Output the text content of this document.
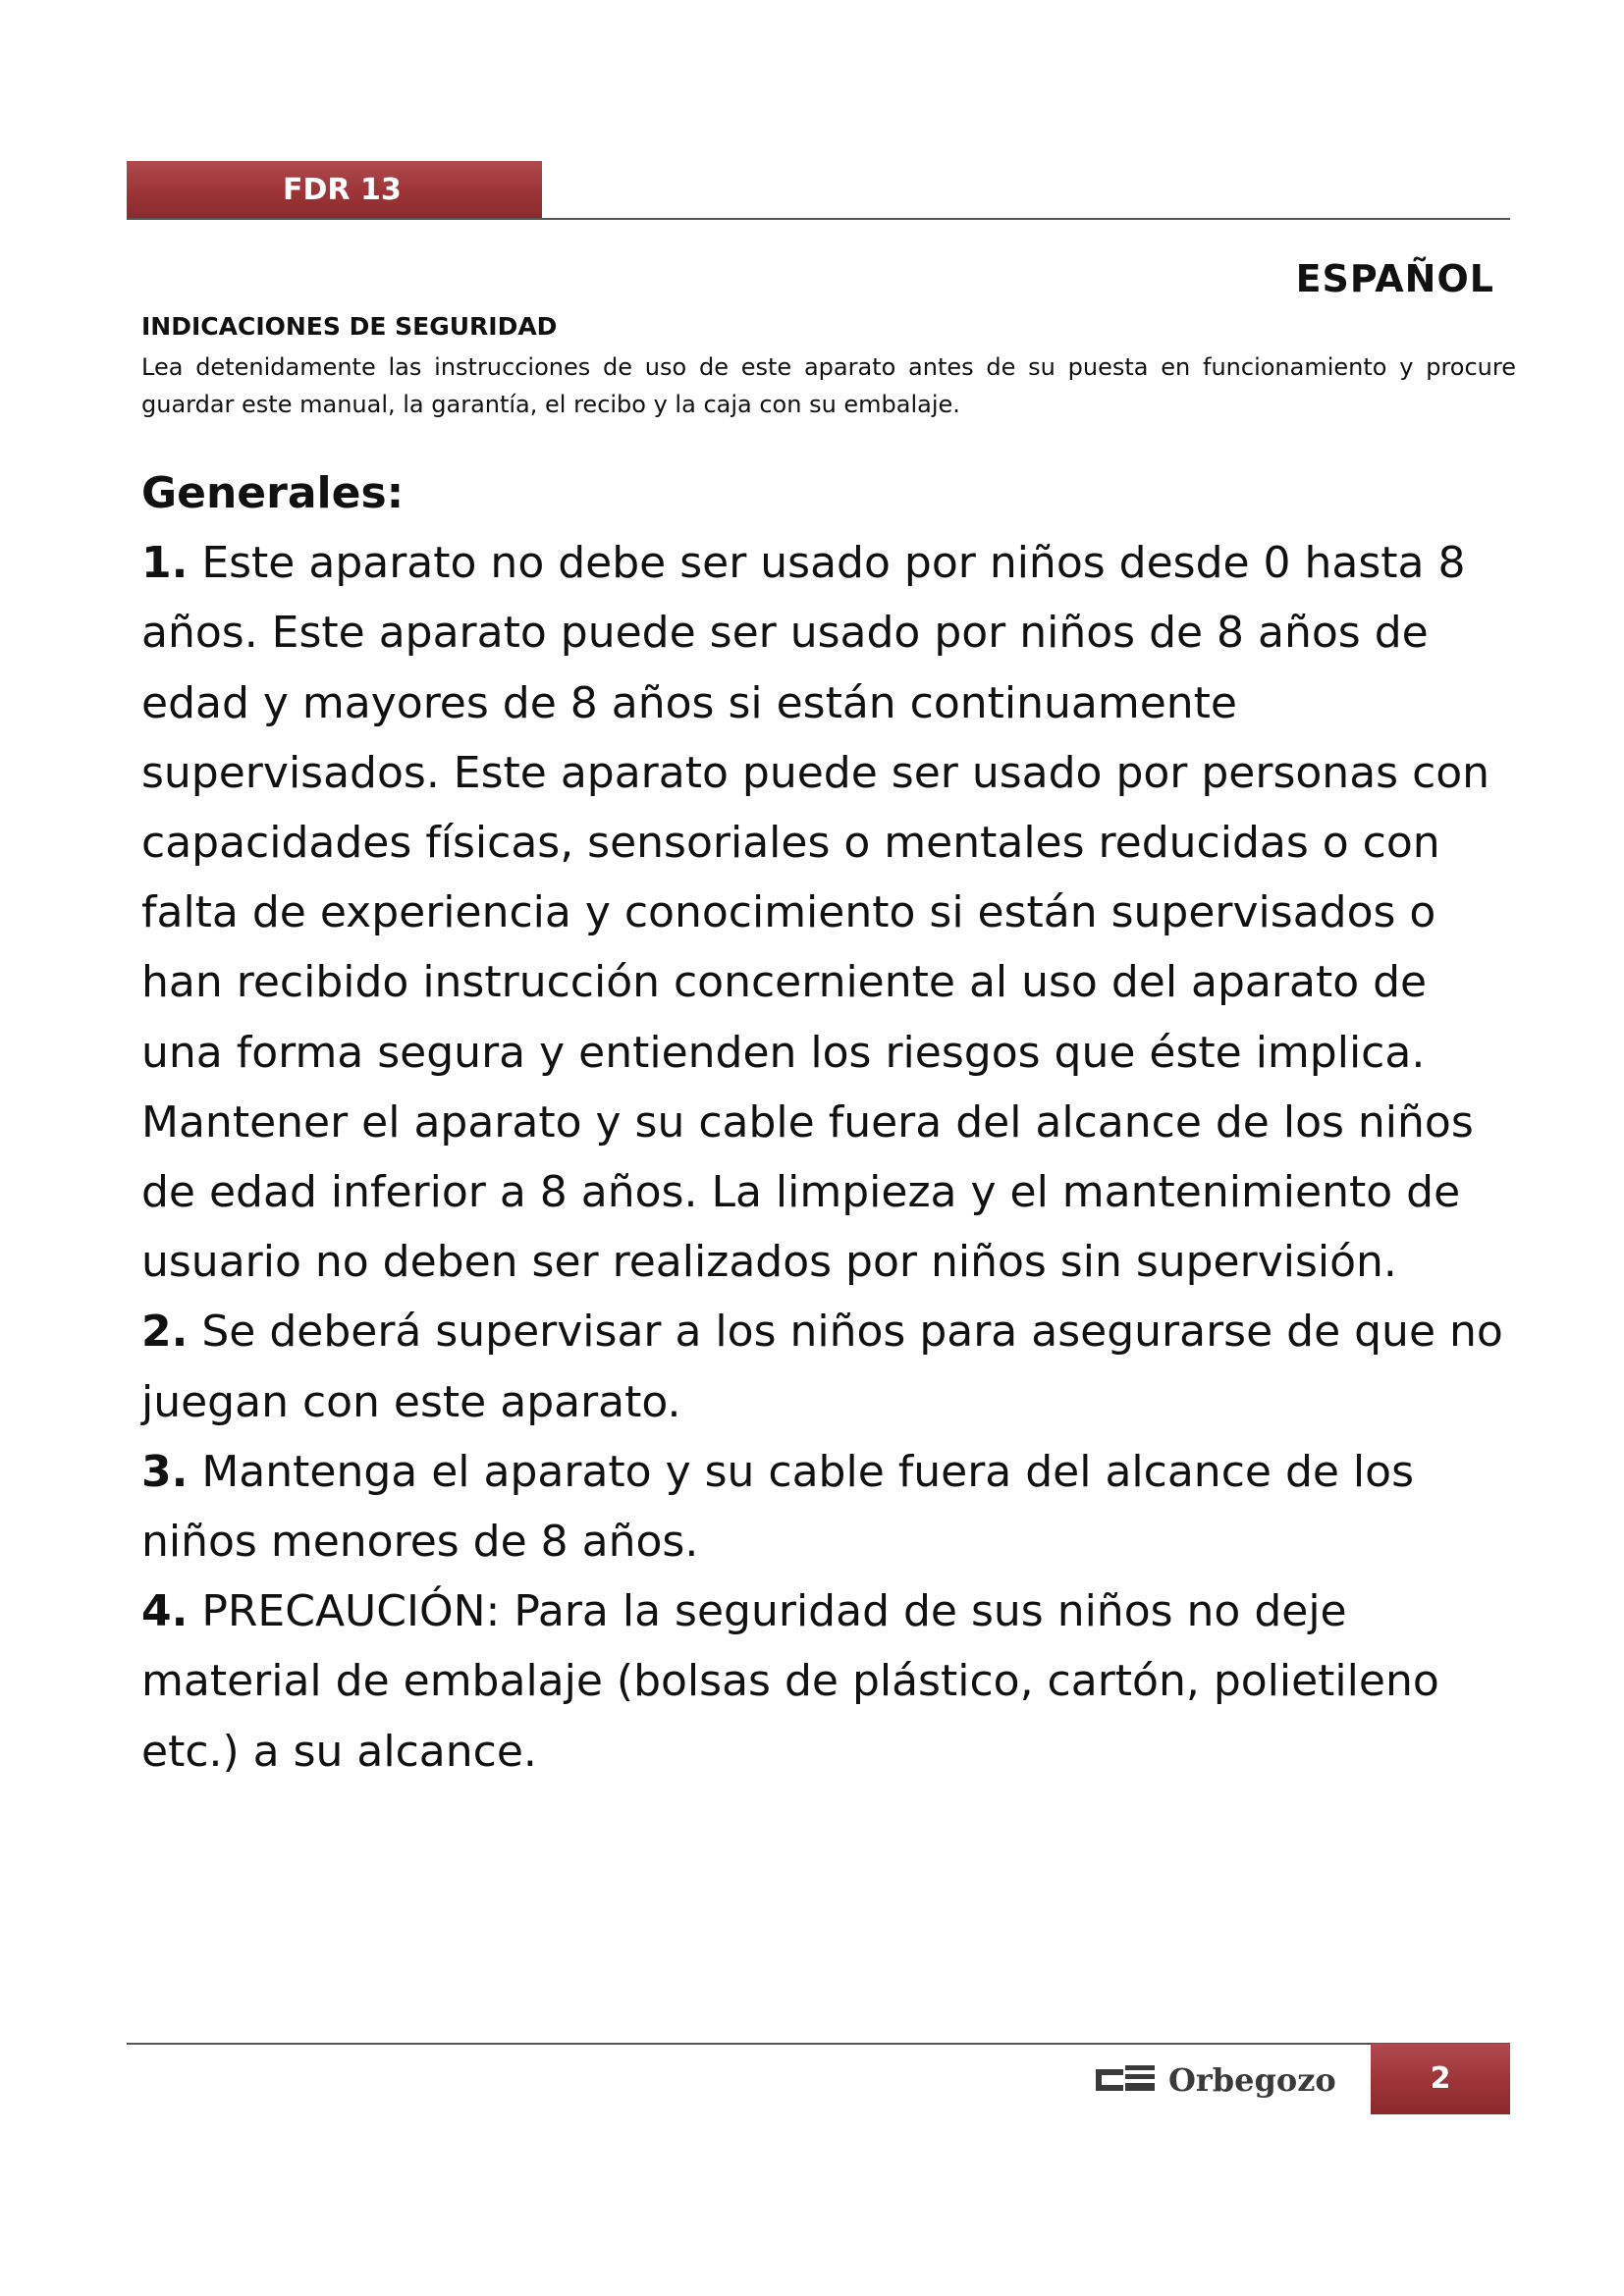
FDR 13
ESPAÑOL
INDICACIONES DE SEGURIDAD

Lea detenidamente las instrucciones de uso de este aparato antes de su puesta en funcionamiento y procure guardar este manual, la garantía, el recibo y la caja con su embalaje.

Generales:

1. Este aparato no debe ser usado por niños desde 0 hasta 8 años. Este aparato puede ser usado por niños de 8 años de edad y mayores de 8 años si están continuamente supervisados. Este aparato puede ser usado por personas con capacidades físicas, sensoriales o mentales reducidas o con falta de experiencia y conocimiento si están supervisados o han recibido instrucción concerniente al uso del aparato de una forma segura y entienden los riesgos que éste implica. Mantener el aparato y su cable fuera del alcance de los niños de edad inferior a 8 años. La limpieza y el mantenimiento de usuario no deben ser realizados por niños sin supervisión.

2. Se deberá supervisar a los niños para asegurarse de que no juegan con este aparato.

3. Mantenga el aparato y su cable fuera del alcance de los niños menores de 8 años.

4. PRECAUCIÓN: Para la seguridad de sus niños no deje material de embalaje (bolsas de plástico, cartón, polietileno etc.) a su alcance.

Orbegozo	2
